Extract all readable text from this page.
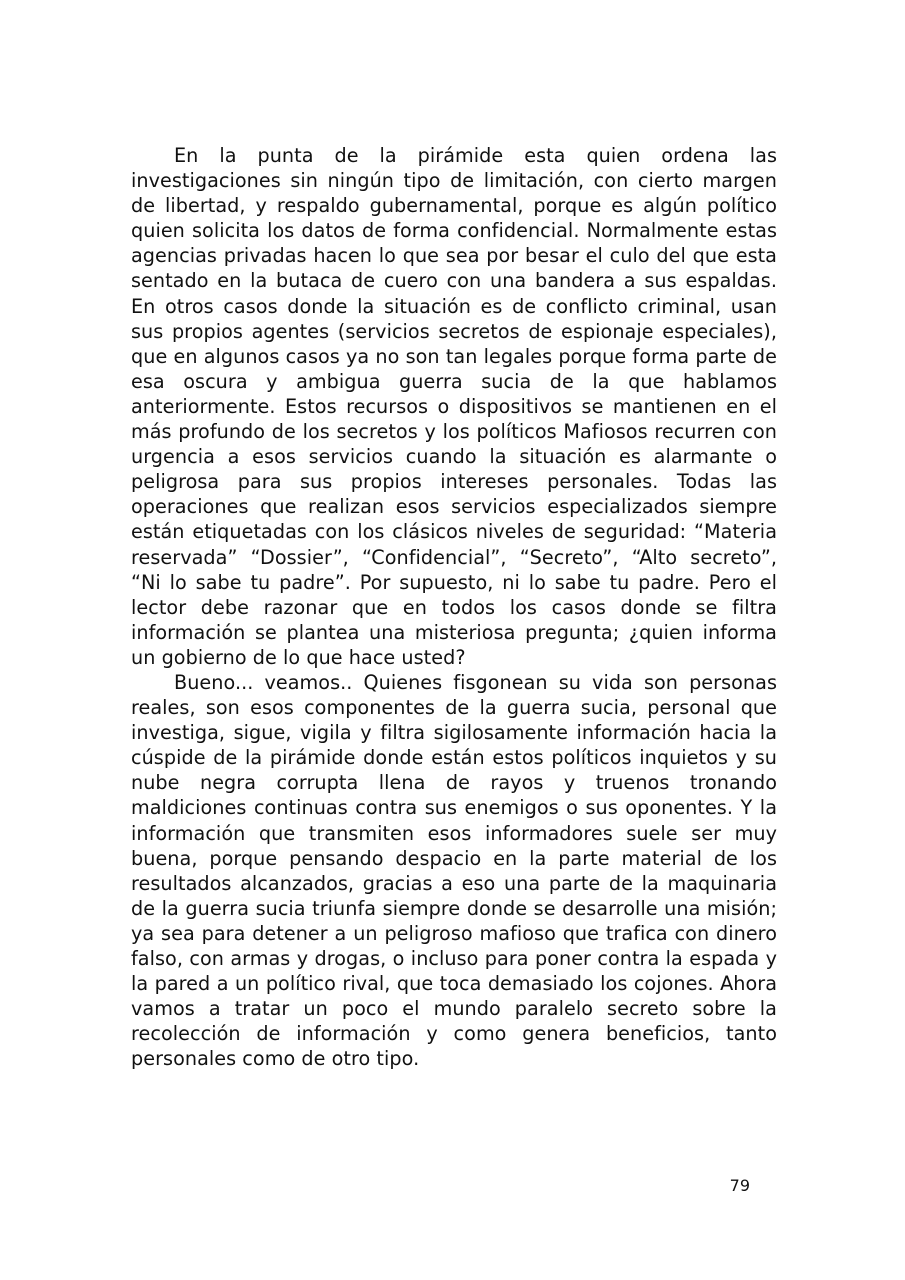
En la punta de la pirámide esta quien ordena las investigaciones sin ningún tipo de limitación, con cierto margen de libertad, y respaldo gubernamental, porque es algún político quien solicita los datos de forma confidencial. Normalmente estas agencias privadas hacen lo que sea por besar el culo del que esta sentado en la butaca de cuero con una bandera a sus espaldas. En otros casos donde la situación es de conflicto criminal, usan sus propios agentes (servicios secretos de espionaje especiales), que en algunos casos ya no son tan legales porque forma parte de esa oscura y ambigua guerra sucia de la que hablamos anteriormente. Estos recursos o dispositivos se mantienen en el más profundo de los secretos y los políticos Mafiosos recurren con urgencia a esos servicios cuando la situación es alarmante o peligrosa para sus propios intereses personales. Todas las operaciones que realizan esos servicios especializados siempre están etiquetadas con los clásicos niveles de seguridad: “Materia reservada” “Dossier”, “Confidencial”, “Secreto”, “Alto secreto”, “Ni lo sabe tu padre”. Por supuesto, ni lo sabe tu padre. Pero el lector debe razonar que en todos los casos donde se filtra información se plantea una misteriosa pregunta; ¿quien informa un gobierno de lo que hace usted?

Bueno... veamos.. Quienes fisgonean su vida son personas reales, son esos componentes de la guerra sucia, personal que investiga, sigue, vigila y filtra sigilosamente información hacia la cúspide de la pirámide donde están estos políticos inquietos y su nube negra corrupta llena de rayos y truenos tronando maldiciones continuas contra sus enemigos o sus oponentes. Y la información que transmiten esos informadores suele ser muy buena, porque pensando despacio en la parte material de los resultados alcanzados, gracias a eso una parte de la maquinaria de la guerra sucia triunfa siempre donde se desarrolle una misión; ya sea para detener a un peligroso mafioso que trafica con dinero falso, con armas y drogas, o incluso para poner contra la espada y la pared a un político rival, que toca demasiado los cojones. Ahora vamos a tratar un poco el mundo paralelo secreto sobre la recolección de información y como genera beneficios, tanto personales como de otro tipo.

79
